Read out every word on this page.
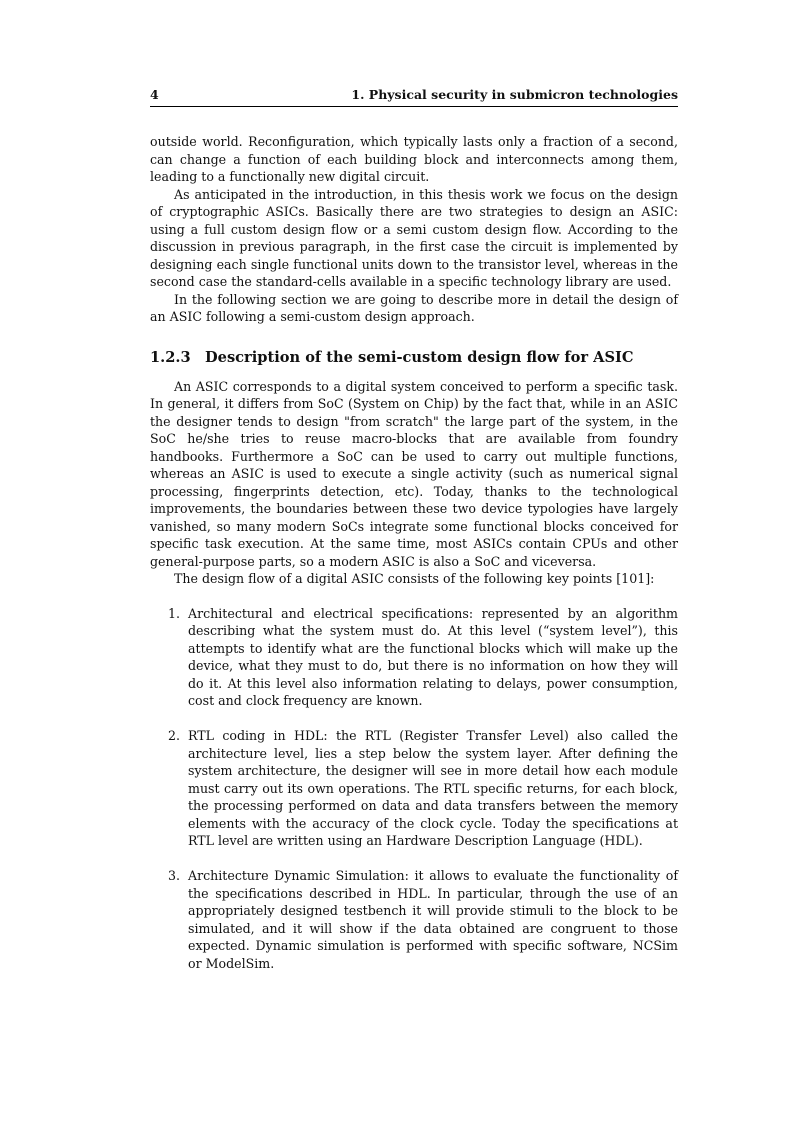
4	1. Physical security in submicron technologies

outside world. Reconfiguration, which typically lasts only a fraction of a second, can change a function of each building block and interconnects among them, leading to a functionally new digital circuit.

As anticipated in the introduction, in this thesis work we focus on the design of cryptographic ASICs. Basically there are two strategies to design an ASIC: using a full custom design flow or a semi custom design flow. According to the discussion in previous paragraph, in the first case the circuit is implemented by designing each single functional units down to the transistor level, whereas in the second case the standard-cells available in a specific technology library are used.

In the following section we are going to describe more in detail the design of an ASIC following a semi-custom design approach.

1.2.3 Description of the semi-custom design flow for ASIC

An ASIC corresponds to a digital system conceived to perform a specific task. In general, it differs from SoC (System on Chip) by the fact that, while in an ASIC the designer tends to design "from scratch" the large part of the system, in the SoC he/she tries to reuse macro-blocks that are available from foundry handbooks. Furthermore a SoC can be used to carry out multiple functions, whereas an ASIC is used to execute a single activity (such as numerical signal processing, fingerprints detection, etc). Today, thanks to the technological improvements, the boundaries between these two device typologies have largely vanished, so many modern SoCs integrate some functional blocks conceived for specific task execution. At the same time, most ASICs contain CPUs and other general-purpose parts, so a modern ASIC is also a SoC and viceversa.

The design flow of a digital ASIC consists of the following key points [101]:

1. Architectural and electrical specifications: represented by an algorithm describing what the system must do. At this level (“system level”), this attempts to identify what are the functional blocks which will make up the device, what they must to do, but there is no information on how they will do it. At this level also information relating to delays, power consumption, cost and clock frequency are known.
2. RTL coding in HDL: the RTL (Register Transfer Level) also called the architecture level, lies a step below the system layer. After defining the system architecture, the designer will see in more detail how each module must carry out its own operations. The RTL specific returns, for each block, the processing performed on data and data transfers between the memory elements with the accuracy of the clock cycle. Today the specifications at RTL level are written using an Hardware Description Language (HDL).
3. Architecture Dynamic Simulation: it allows to evaluate the functionality of the specifications described in HDL. In particular, through the use of an appropriately designed testbench it will provide stimuli to the block to be simulated, and it will show if the data obtained are congruent to those expected. Dynamic simulation is performed with specific software, NCSim or ModelSim.
